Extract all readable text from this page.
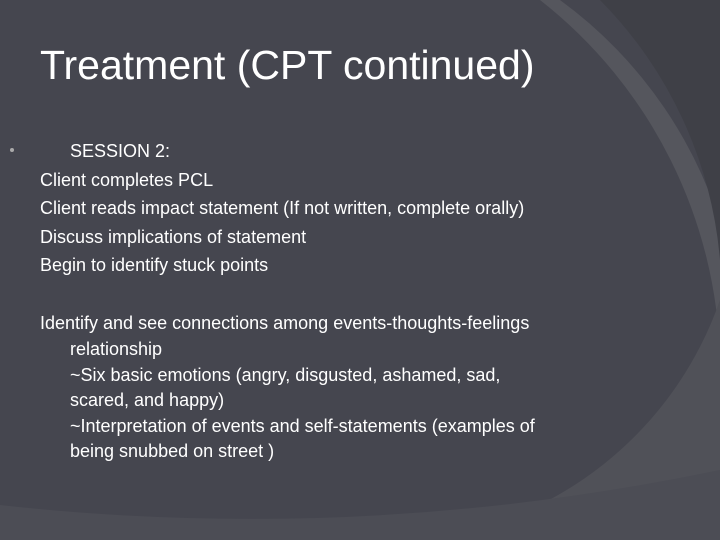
Treatment (CPT continued)
SESSION 2:
Client completes PCL
Client reads impact statement (If not written, complete orally)
Discuss implications of statement
Begin to identify stuck points
Identify and see connections among events-thoughts-feelings
relationship
~Six basic emotions (angry, disgusted, ashamed, sad,
scared, and happy)
~Interpretation of events and self-statements (examples of
being snubbed on street )
